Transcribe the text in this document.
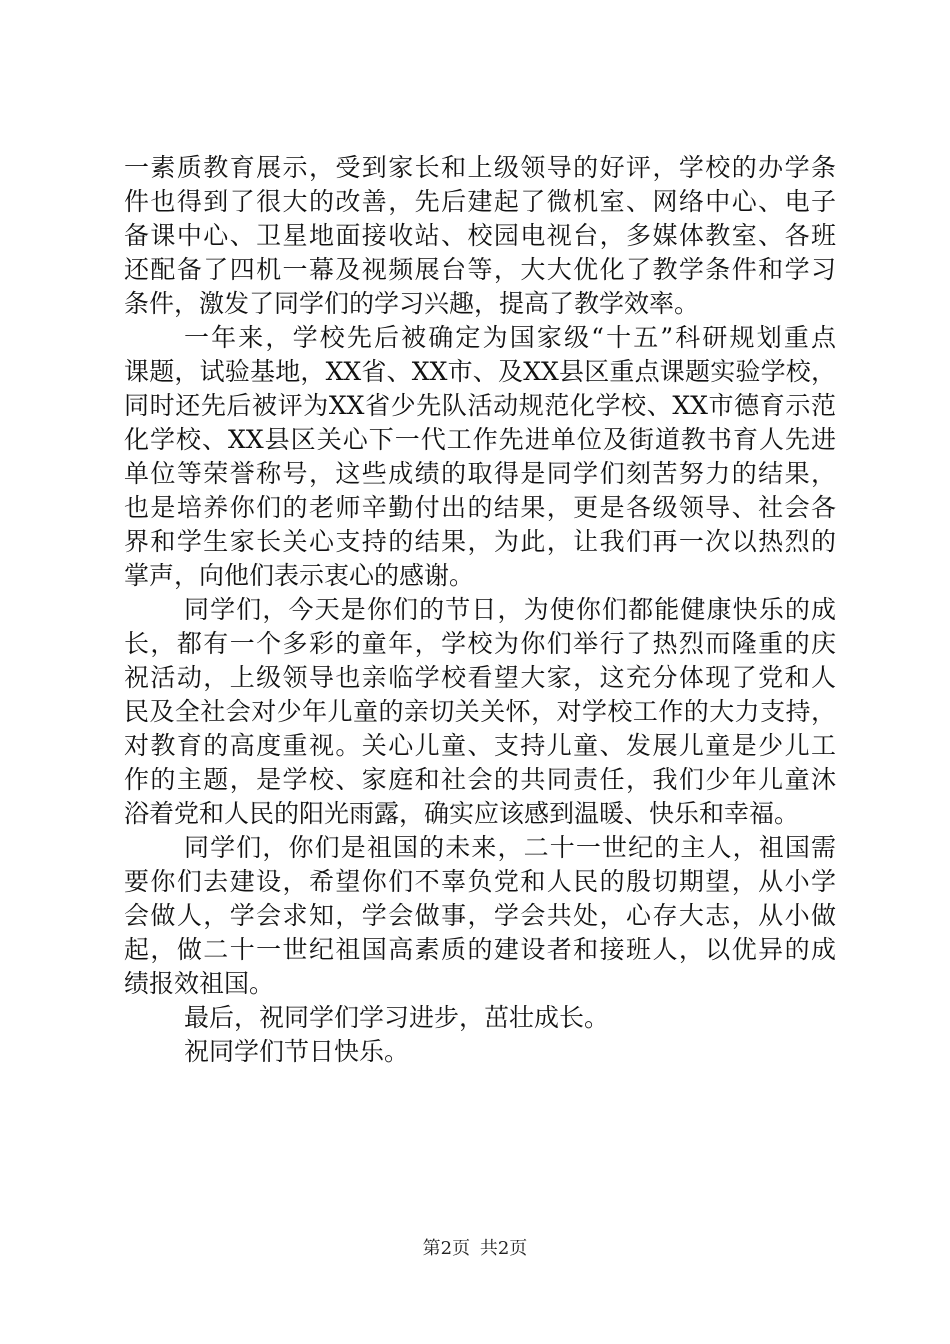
一素质教育展示，受到家长和上级领导的好评，学校的办学条
件也得到了很大的改善，先后建起了微机室、网络中心、电子
备课中心、卫星地面接收站、校园电视台，多媒体教室、各班
还配备了四机一幕及视频展台等，大大优化了教学条件和学习
条件，激发了同学们的学习兴趣，提高了教学效率。
一年来，学校先后被确定为国家级“十五”科研规划重点
课题，试验基地，XX省、XX市、及XX县区重点课题实验学校，
同时还先后被评为XX省少先队活动规范化学校、XX市德育示范
化学校、XX县区关心下一代工作先进单位及街道教书育人先进
单位等荣誉称号，这些成绩的取得是同学们刻苦努力的结果，
也是培养你们的老师辛勤付出的结果，更是各级领导、社会各
界和学生家长关心支持的结果，为此，让我们再一次以热烈的
掌声，向他们表示衷心的感谢。
同学们，今天是你们的节日，为使你们都能健康快乐的成
长，都有一个多彩的童年，学校为你们举行了热烈而隆重的庆
祝活动，上级领导也亲临学校看望大家，这充分体现了党和人
民及全社会对少年儿童的亲切关关怀，对学校工作的大力支持，
对教育的高度重视。关心儿童、支持儿童、发展儿童是少儿工
作的主题，是学校、家庭和社会的共同责任，我们少年儿童沐
浴着党和人民的阳光雨露，确实应该感到温暖、快乐和幸福。
同学们，你们是祖国的未来，二十一世纪的主人，祖国需
要你们去建设，希望你们不辜负党和人民的殷切期望，从小学
会做人，学会求知，学会做事，学会共处，心存大志，从小做
起，做二十一世纪祖国高素质的建设者和接班人，以优异的成
绩报效祖国。
最后，祝同学们学习进步，茁壮成长。
祝同学们节日快乐。
第2页 共2页
